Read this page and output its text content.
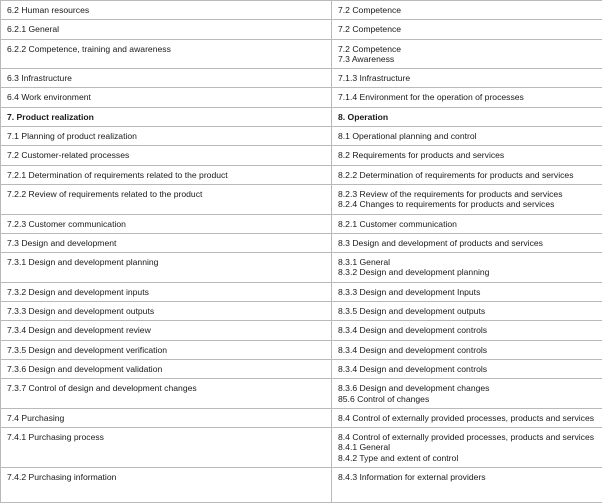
6.2 Human resources	7.2 Competence

6.2.1 General	7.2 Competence

6.2.2 Competence, training and awareness	7.2 Competence
7.3 Awareness

6.3 Infrastructure	7.1.3 Infrastructure

6.4 Work environment	7.1.4 Environment for the operation of processes

7. Product realization	8. Operation

7.1 Planning of product realization	8.1 Operational planning and control

7.2 Customer-related processes	8.2 Requirements for products and services

7.2.1 Determination of requirements related to the product	8.2.2 Determination of requirements for products and services

7.2.2 Review of requirements related to the product	8.2.3 Review of the requirements for products and services
8.2.4 Changes to requirements for products and services

7.2.3 Customer communication	8.2.1 Customer communication

7.3 Design and development	8.3 Design and development of products and services

7.3.1 Design and development planning	8.3.1 General
8.3.2 Design and development planning

7.3.2 Design and development inputs	8.3.3 Design and development Inputs

7.3.3 Design and development outputs	8.3.5 Design and development outputs

7.3.4 Design and development review	8.3.4 Design and development controls

7.3.5 Design and development verification	8.3.4 Design and development controls

7.3.6 Design and development validation	8.3.4 Design and development controls

7.3.7 Control of design and development changes	8.3.6 Design and development changes
85.6 Control of changes

7.4 Purchasing	8.4 Control of externally provided processes, products and services

7.4.1 Purchasing process	8.4 Control of externally provided processes, products and services
8.4.1 General
8.4.2 Type and extent of control

7.4.2 Purchasing information	8.4.3 Information for external providers
